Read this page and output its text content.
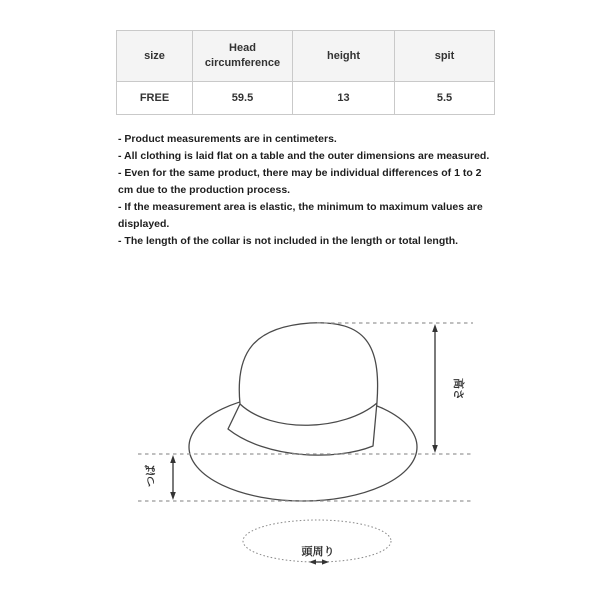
size	Head circumference	height	spit
FREE	59.5	13	5.5
- Product measurements are in centimeters.
- All clothing is laid flat on a table and the outer dimensions are measured.
- Even for the same product, there may be individual differences of 1 to 2
cm due to the production process.
- If the measurement area is elastic, the minimum to maximum values are
displayed.
- The length of the collar is not included in the length or total length.
高さ
つば
頭周り
